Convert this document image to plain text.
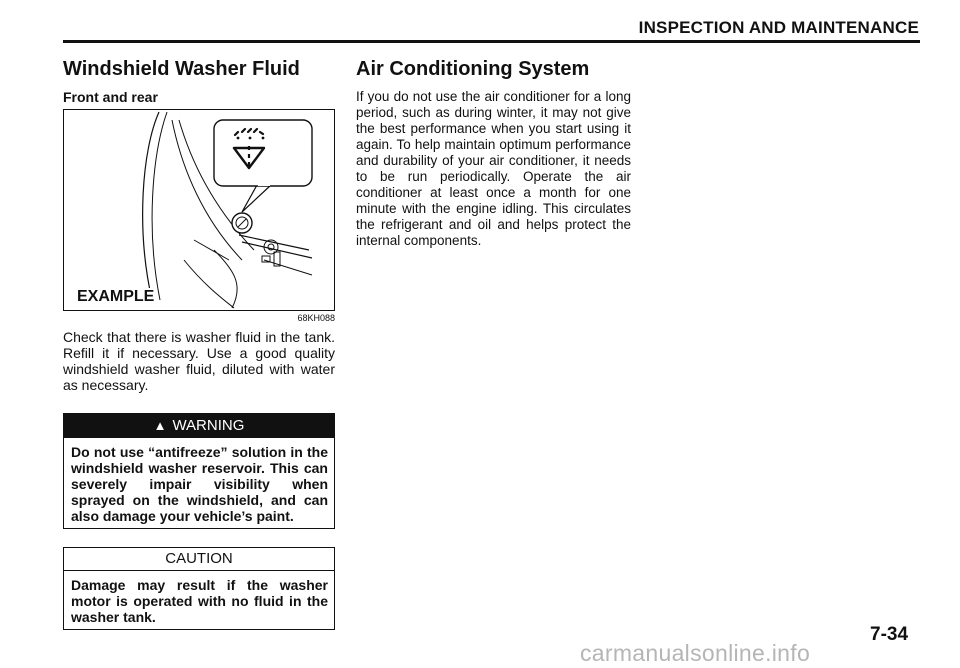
INSPECTION AND MAINTENANCE
Windshield Washer Fluid
Front and rear
EXAMPLE
68KH088
Check that there is washer fluid in the tank. Refill it if necessary. Use a good quality windshield washer fluid, diluted with water as necessary.
▲ WARNING
Do not use “antifreeze” solution in the windshield washer reservoir. This can severely impair visibility when sprayed on the windshield, and can also damage your vehicle’s paint.
CAUTION
Damage may result if the washer motor is operated with no fluid in the washer tank.
Air Conditioning System
If you do not use the air conditioner for a long period, such as during winter, it may not give the best performance when you start using it again. To help maintain optimum performance and durability of your air conditioner, it needs to be run periodically. Operate the air conditioner at least once a month for one minute with the engine idling. This circulates the refrigerant and oil and helps protect the internal components.
7-34
carmanualsonline.info
